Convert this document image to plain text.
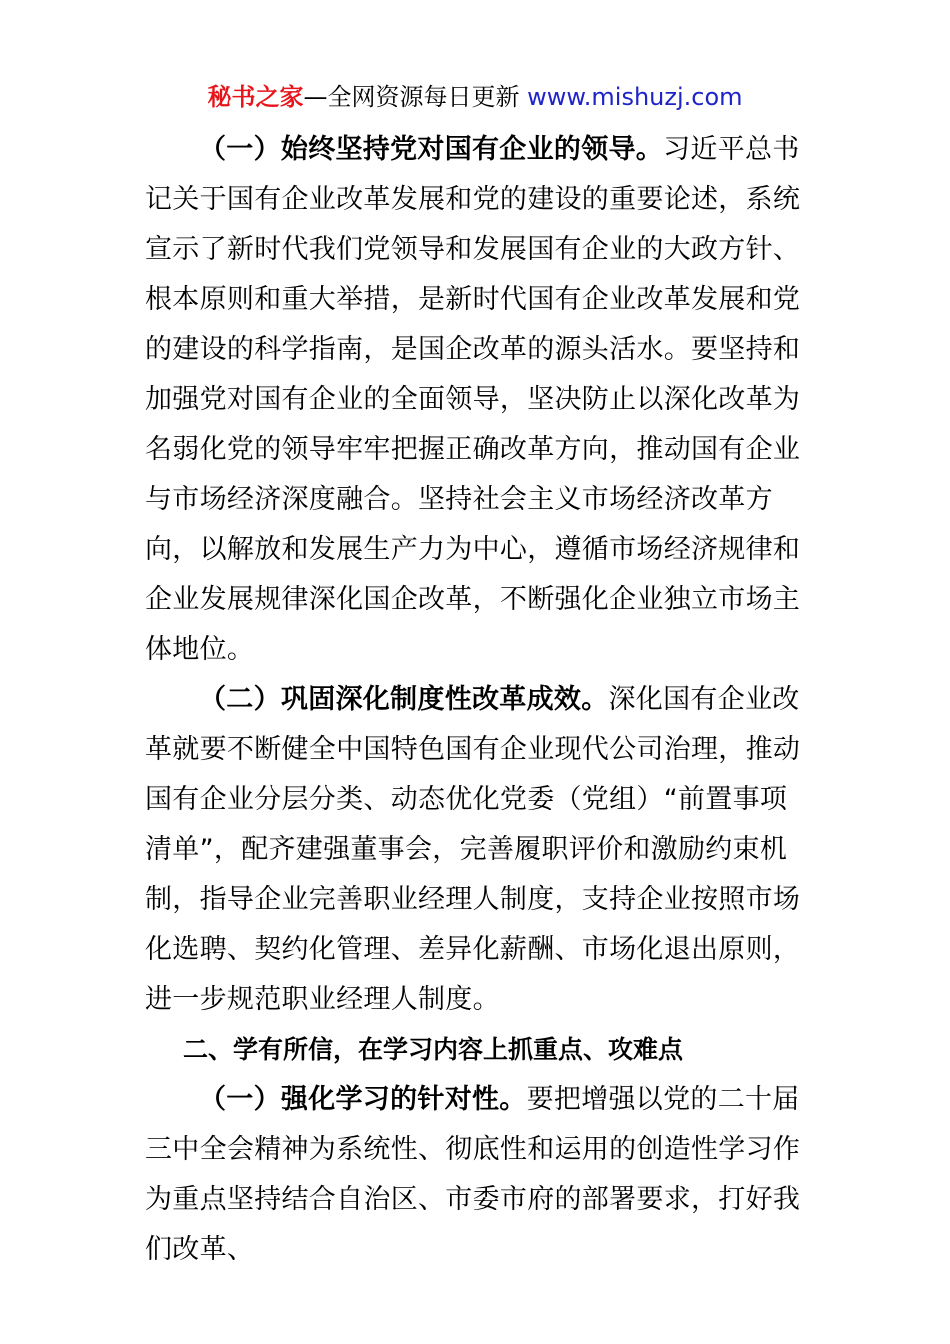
秘书之家—全网资源每日更新 www.mishuzj.com

（一）始终坚持党对国有企业的领导。习近平总书记关于国有企业改革发展和党的建设的重要论述，系统宣示了新时代我们党领导和发展国有企业的大政方针、根本原则和重大举措，是新时代国有企业改革发展和党的建设的科学指南，是国企改革的源头活水。要坚持和加强党对国有企业的全面领导，坚决防止以深化改革为名弱化党的领导牢牢把握正确改革方向，推动国有企业与市场经济深度融合。坚持社会主义市场经济改革方向，以解放和发展生产力为中心，遵循市场经济规律和企业发展规律深化国企改革，不断强化企业独立市场主体地位。

（二）巩固深化制度性改革成效。深化国有企业改革就要不断健全中国特色国有企业现代公司治理，推动国有企业分层分类、动态优化党委（党组）“前置事项清单”，配齐建强董事会，完善履职评价和激励约束机制，指导企业完善职业经理人制度，支持企业按照市场化选聘、契约化管理、差异化薪酬、市场化退出原则，进一步规范职业经理人制度。

二、学有所信，在学习内容上抓重点、攻难点

（一）强化学习的针对性。要把增强以党的二十届三中全会精神为系统性、彻底性和运用的创造性学习作为重点坚持结合自治区、市委市府的部署要求，打好我们改革、
